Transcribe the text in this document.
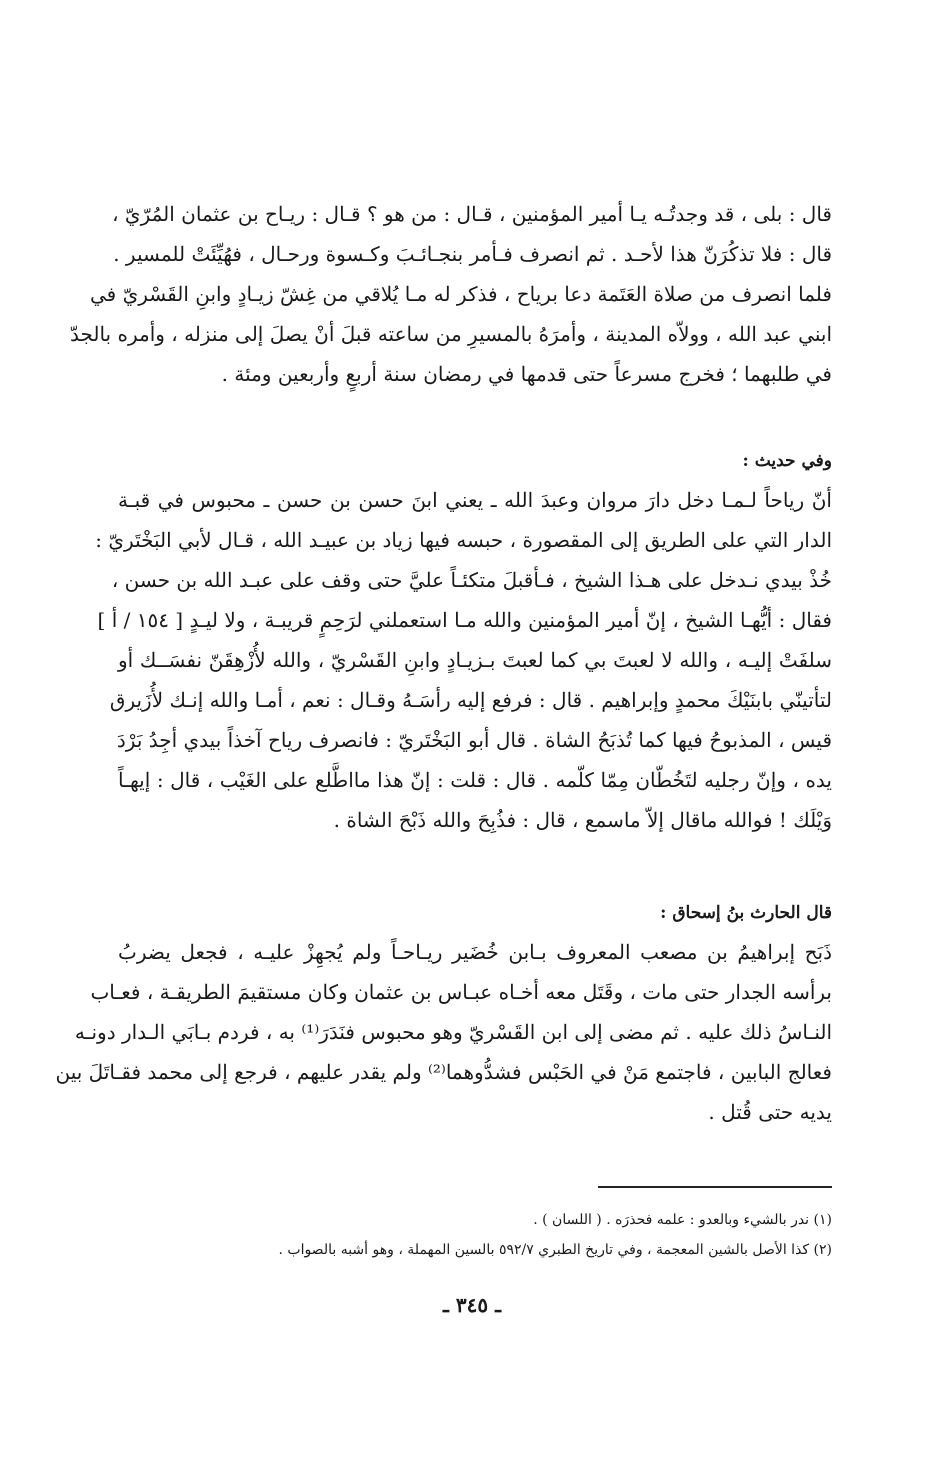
قال : بلى ، قد وجدتُـه يـا أمير المؤمنين ، قـال : من هو ؟ قـال : ريـاح بن عثمان المُرّيّ ،
قال : فلا تذكُرَنّ هذا لأحـد . ثم انصرف فـأمر بنجـائـبَ وكـسوة ورحـال ، فهُيِّئَتْ للمسير .
فلما انصرف من صلاة العَتَمة دعا برياح ، فذكر له مـا يُلاقي من غِشّ زيـادٍ وابنِ القَسْريّ في
ابني عبد الله ، وولاّه المدينة ، وأمرَهُ بالمسيرِ من ساعته قبلَ أنْ يصلَ إلى منزله ، وأمره بالجدّ
في طلبهما ؛ فخرج مسرعاً حتى قدمها في رمضان سنة أربعٍ وأربعين ومئة .
وفي حديث :
أنّ رياحاً لـمـا دخل دارَ مروان وعبدَ الله ـ يعني ابنَ حسن بن حسن ـ محبوس في قبـة
الدار التي على الطريق إلى المقصورة ، حبسه فيها زياد بن عبيـد الله ، قـال لأبي البَخْتَريّ :
خُذْ بيدي نـدخل على هـذا الشيخ ، فـأقبلَ متكئـاً عليَّ حتى وقف على عبـد الله بن حسن ،
فقال : أيُّهـا الشيخ ، إنّ أمير المؤمنين والله مـا استعملني لرَحِمٍ قريبـة ، ولا ليـدٍ [ ١٥٤ / أ ]
سلفَتْ إليـه ، والله لا لعبتَ بي كما لعبتَ بـزيـادٍ وابنِ القَسْريّ ، والله لأُزْهِقَنّ نفسَــك أو
لتأتينّي بابنَيْكَ محمدٍ وإبراهيم . قال : فرفع إليه رأسَـهُ وقـال : نعم ، أمـا والله إنـك لأُزَيرق
قيس ، المذبوحُ فيها كما تُذبَحُ الشاة . قال أبو البَخْتَريّ : فانصرف رياح آخذاً بيدي أجِدُ بَرْدَ
يده ، وإنّ رجليه لتَخُطّان مِمّا كلّمه . قال : قلت : إنّ هذا مااطَّلع على الغَيْب ، قال : إيهـاً
وَيْلَك ! فوالله ماقال إلاّ ماسمع ، قال : فذُبِحَ والله ذَبْحَ الشاة .
قال الحارث بنُ إسحاق :
ذَبَح إبراهيمُ بن مصعب المعروف بـابن خُضَير ريـاحـاً ولم يُجهِزْ عليـه ، فجعل يضربُ
برأسه الجدار حتى مات ، وقَتَل معه أخـاه عبـاس بن عثمان وكان مستقيمَ الطريقـة ، فعـاب
النـاسُ ذلك عليه . ثم مضى إلى ابن القَسْريّ وهو محبوس فنَدَرَ⁽¹⁾ به ، فردم بـابَي الـدار دونـه
فعالج البابين ، فاجتمع مَنْ في الحَبْس فشدُّوهما⁽²⁾ ولم يقدر عليهم ، فرجع إلى محمد فقـاتَلَ بين
يديه حتى قُتل .
(١) ندر بالشيء وبالعدو : علمه فحذرَه . ( اللسان ) .
(٢) كذا الأصل بالشين المعجمة ، وفي تاريخ الطبري ٥٩٢/٧ بالسين المهملة ، وهو أشبه بالصواب .
ـ ٣٤٥ ـ
